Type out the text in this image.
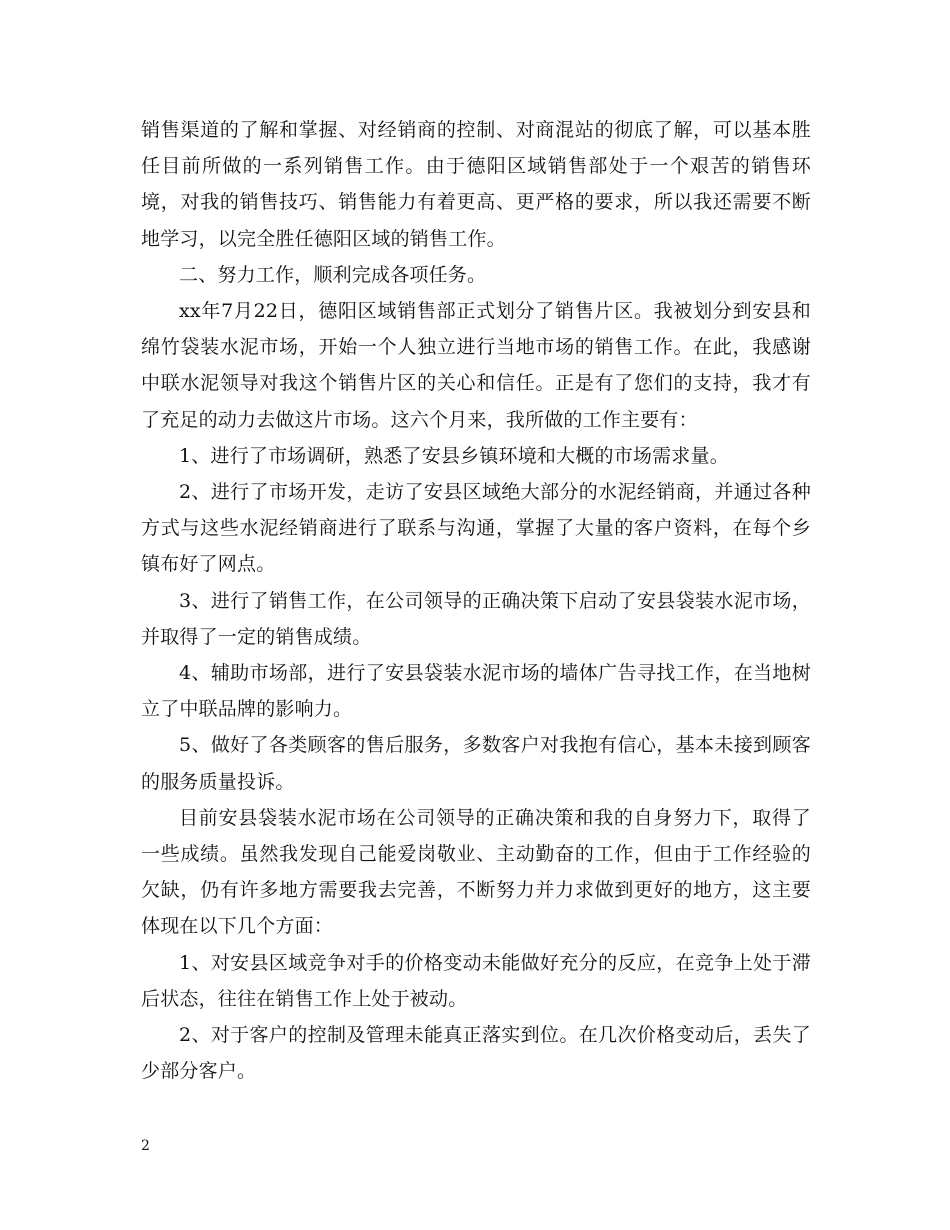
销售渠道的了解和掌握、对经销商的控制、对商混站的彻底了解，可以基本胜任目前所做的一系列销售工作。由于德阳区域销售部处于一个艰苦的销售环境，对我的销售技巧、销售能力有着更高、更严格的要求，所以我还需要不断地学习，以完全胜任德阳区域的销售工作。

二、努力工作，顺利完成各项任务。

xx年7月22日，德阳区域销售部正式划分了销售片区。我被划分到安县和绵竹袋装水泥市场，开始一个人独立进行当地市场的销售工作。在此，我感谢中联水泥领导对我这个销售片区的关心和信任。正是有了您们的支持，我才有了充足的动力去做这片市场。这六个月来，我所做的工作主要有：

1、进行了市场调研，熟悉了安县乡镇环境和大概的市场需求量。

2、进行了市场开发，走访了安县区域绝大部分的水泥经销商，并通过各种方式与这些水泥经销商进行了联系与沟通，掌握了大量的客户资料，在每个乡镇布好了网点。

3、进行了销售工作，在公司领导的正确决策下启动了安县袋装水泥市场，并取得了一定的销售成绩。

4、辅助市场部，进行了安县袋装水泥市场的墙体广告寻找工作，在当地树立了中联品牌的影响力。

5、做好了各类顾客的售后服务，多数客户对我抱有信心，基本未接到顾客的服务质量投诉。

目前安县袋装水泥市场在公司领导的正确决策和我的自身努力下，取得了一些成绩。虽然我发现自己能爱岗敬业、主动勤奋的工作，但由于工作经验的欠缺，仍有许多地方需要我去完善，不断努力并力求做到更好的地方，这主要体现在以下几个方面：

1、对安县区域竞争对手的价格变动未能做好充分的反应，在竞争上处于滞后状态，往往在销售工作上处于被动。

2、对于客户的控制及管理未能真正落实到位。在几次价格变动后，丢失了少部分客户。

2
